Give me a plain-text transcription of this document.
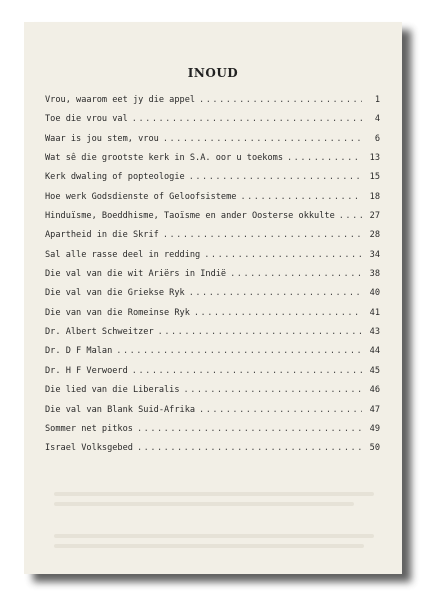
INOUD
Vrou, waarom eet jy die appel .....	1
Toe die vrou val .....	4
Waar is jou stem, vrou .....	6
Wat sê die grootste kerk in S.A. oor u toekoms .....	13
Kerk dwaling of popteologie .....	15
Hoe werk Godsdienste of Geloofsisteme .....	18
Hinduïsme, Boeddhisme, Taoïsme en ander Oosterse okkulte .....	27
Apartheid in die Skrif .....	28
Sal alle rasse deel in redding .....	34
Die val van die wit Ariërs in Indië .....	38
Die val van die Griekse Ryk .....	40
Die van van die Romeinse Ryk .....	41
Dr. Albert Schweitzer .....	43
Dr. D F Malan .....	44
Dr. H F Verwoerd .....	45
Die lied van die Liberalis .....	46
Die val van Blank Suid-Afrika .....	47
Sommer net pitkos .....	49
Israel Volksgebed .....	50
